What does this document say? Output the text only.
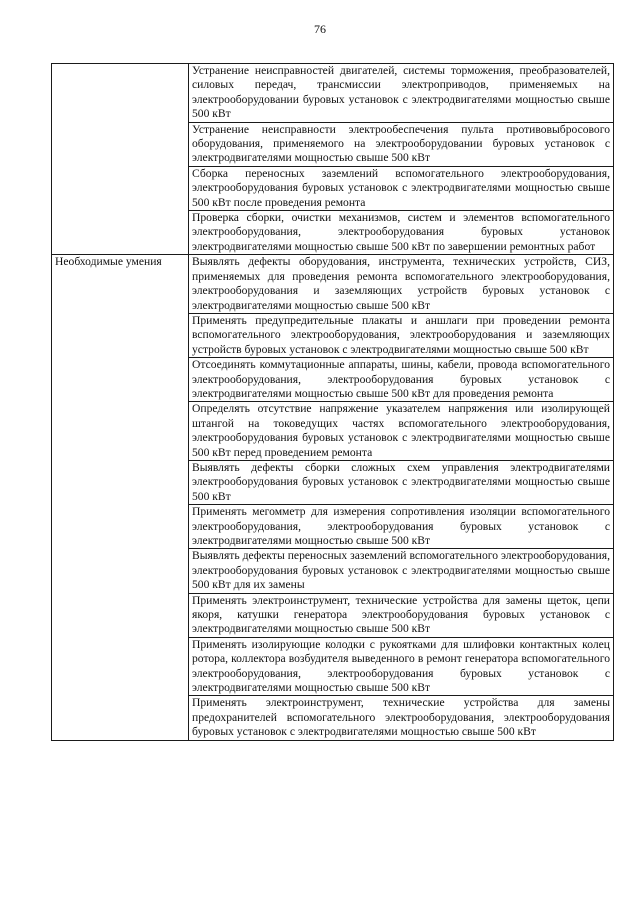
76
	Устранение неисправностей двигателей, системы торможения, преобразователей, силовых передач, трансмиссии электроприводов, применяемых на электрооборудовании буровых установок с электродвигателями мощностью свыше 500 кВт
	Устранение неисправности электрообеспечения пульта противовыбросового оборудования, применяемого на электрооборудовании буровых установок с электродвигателями мощностью свыше 500 кВт
	Сборка переносных заземлений вспомогательного электрооборудования, электрооборудования буровых установок с электродвигателями мощностью свыше 500 кВт после проведения ремонта
	Проверка сборки, очистки механизмов, систем и элементов вспомогательного электрооборудования, электрооборудования буровых установок электродвигателями мощностью свыше 500 кВт по завершении ремонтных работ
Необходимые умения	Выявлять дефекты оборудования, инструмента, технических устройств, СИЗ, применяемых для проведения ремонта вспомогательного электрооборудования, электрооборудования и заземляющих устройств буровых установок с электродвигателями мощностью свыше 500 кВт
	Применять предупредительные плакаты и аншлаги при проведении ремонта вспомогательного электрооборудования, электрооборудования и заземляющих устройств буровых установок с электродвигателями мощностью свыше 500 кВт
	Отсоединять коммутационные аппараты, шины, кабели, провода вспомогательного электрооборудования, электрооборудования буровых установок с электродвигателями мощностью свыше 500 кВт для проведения ремонта
	Определять отсутствие напряжение указателем напряжения или изолирующей штангой на токоведущих частях вспомогательного электрооборудования, электрооборудования буровых установок с электродвигателями мощностью свыше 500 кВт перед проведением ремонта
	Выявлять дефекты сборки сложных схем управления электродвигателями электрооборудования буровых установок с электродвигателями мощностью свыше 500 кВт
	Применять мегомметр для измерения сопротивления изоляции вспомогательного электрооборудования, электрооборудования буровых установок с электродвигателями мощностью свыше 500 кВт
	Выявлять дефекты переносных заземлений вспомогательного электрооборудования, электрооборудования буровых установок с электродвигателями мощностью свыше 500 кВт для их замены
	Применять электроинструмент, технические устройства для замены щеток, цепи якоря, катушки генератора электрооборудования буровых установок с электродвигателями мощностью свыше 500 кВт
	Применять изолирующие колодки с рукоятками для шлифовки контактных колец ротора, коллектора возбудителя выведенного в ремонт генератора вспомогательного электрооборудования, электрооборудования буровых установок с электродвигателями мощностью свыше 500 кВт
	Применять электроинструмент, технические устройства для замены предохранителей вспомогательного электрооборудования, электрооборудования буровых установок с электродвигателями мощностью свыше 500 кВт
